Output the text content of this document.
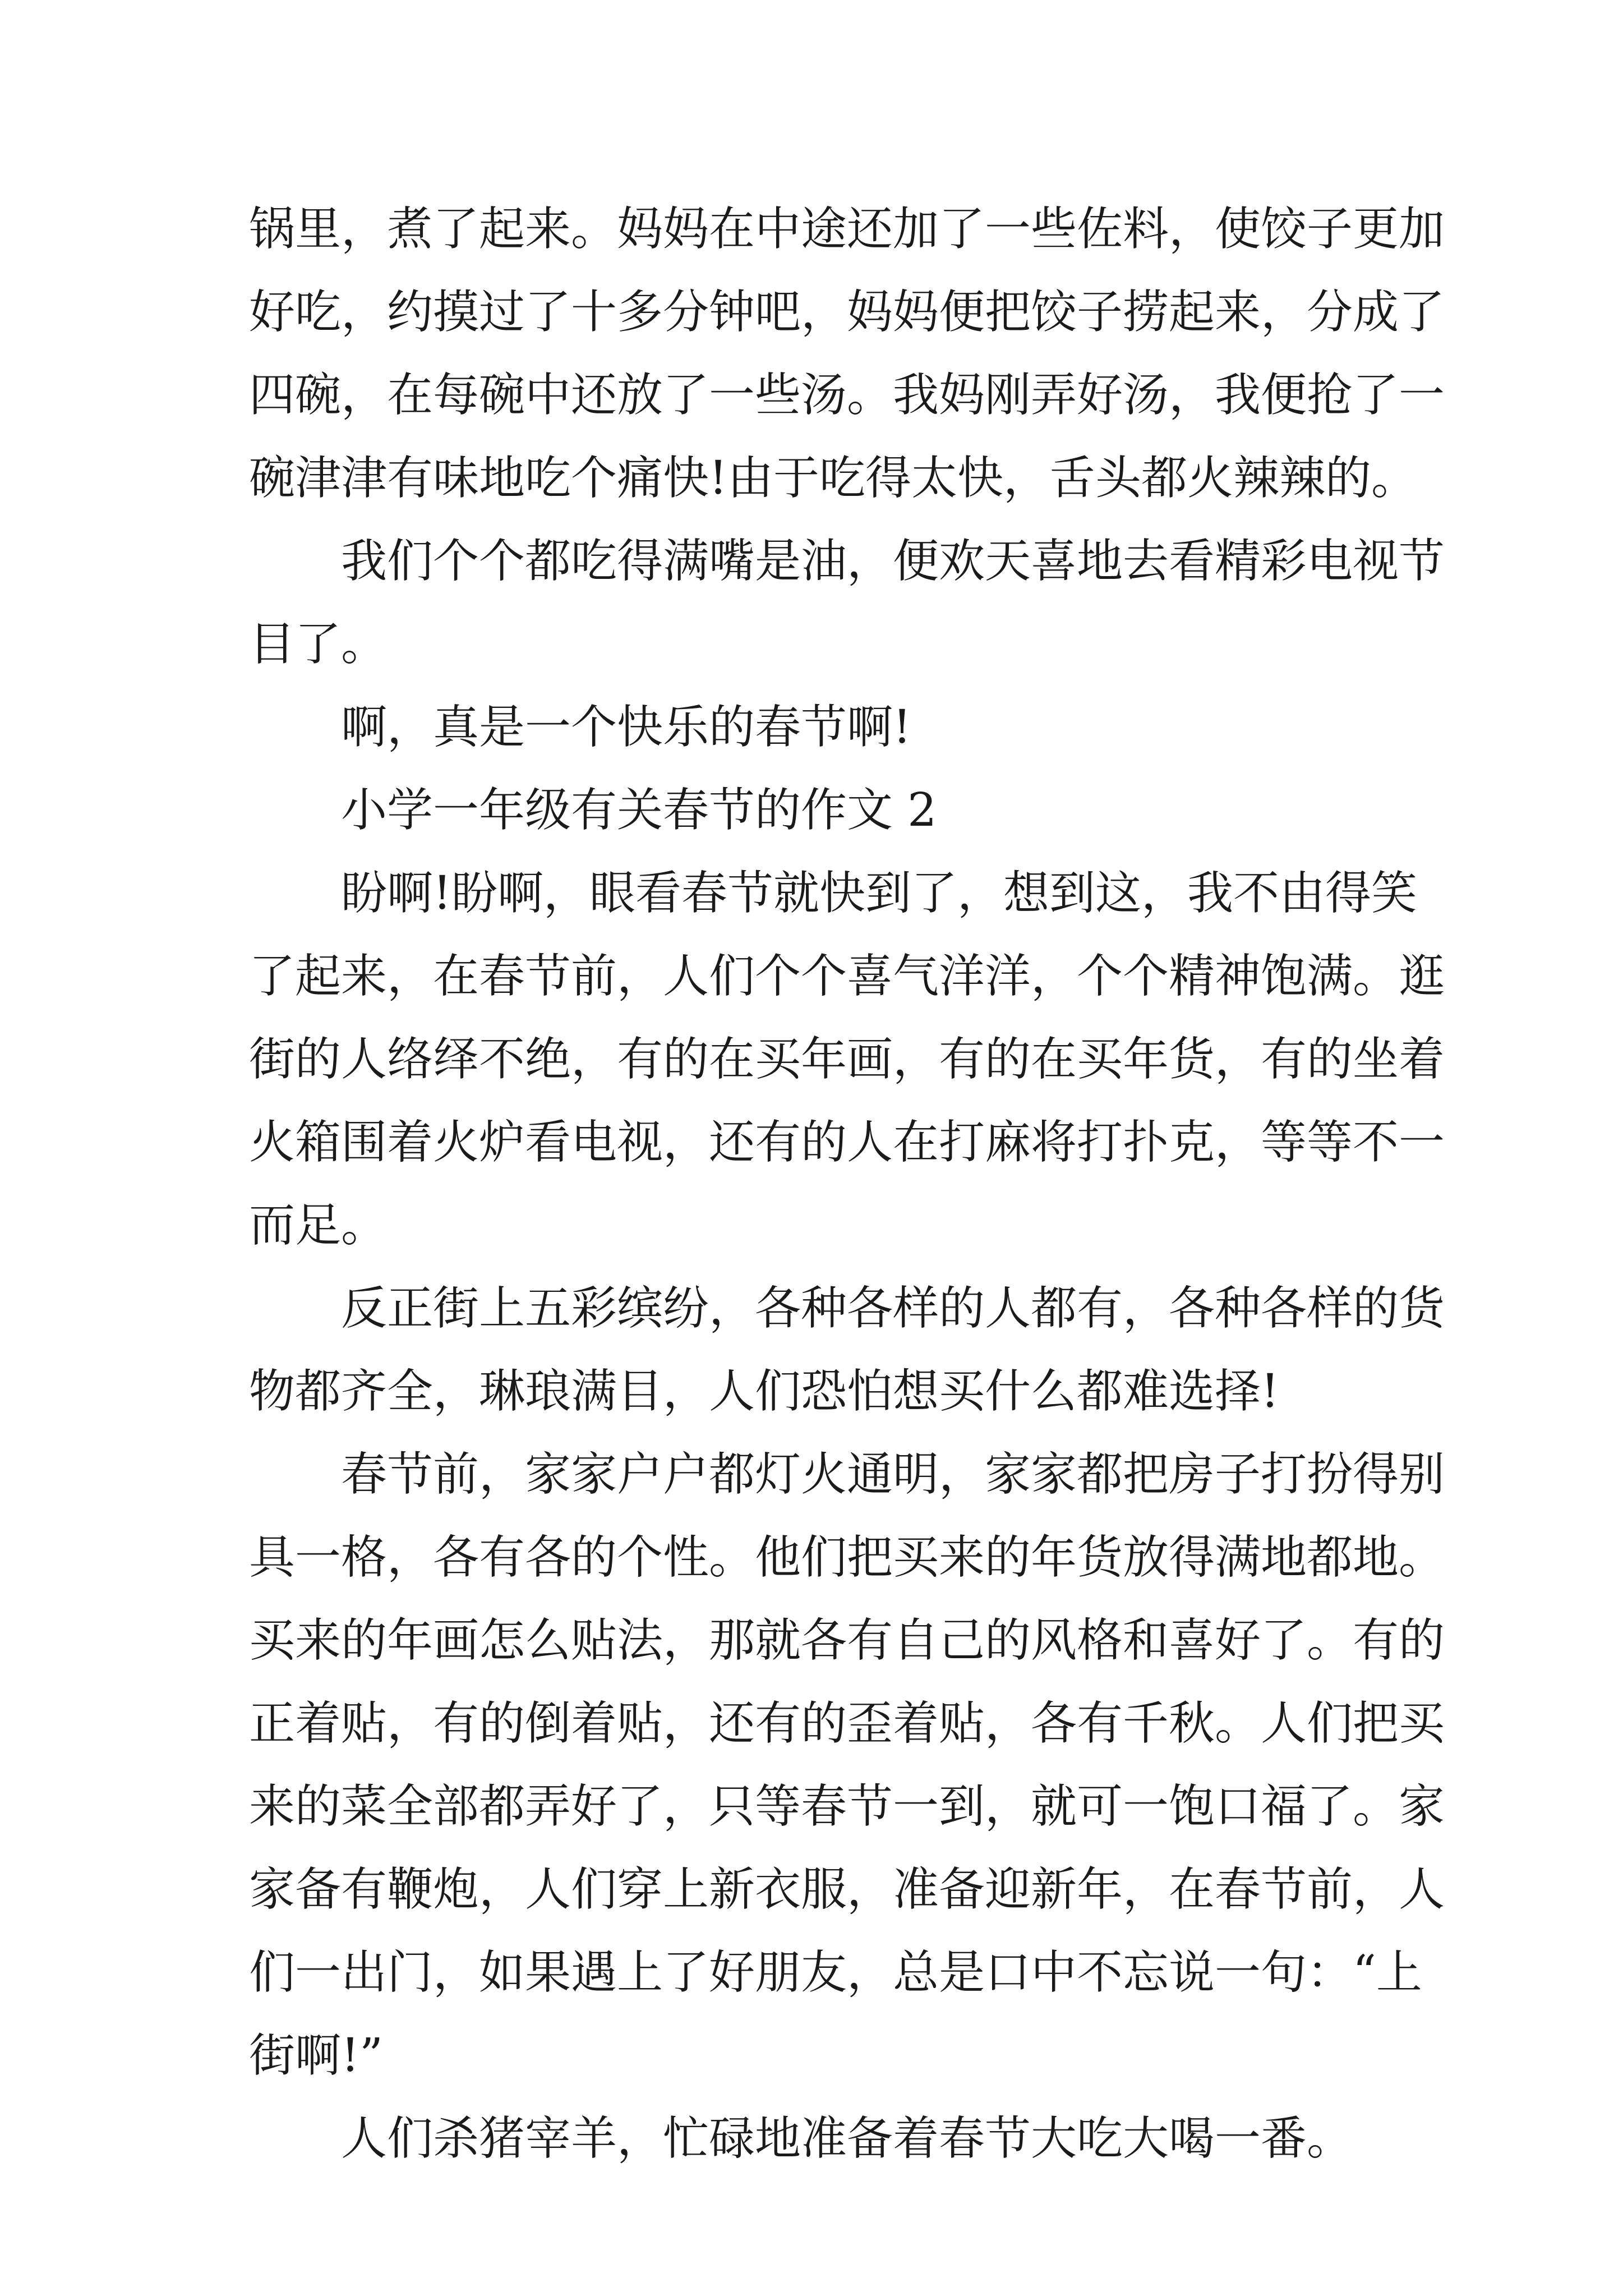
锅里，煮了起来。妈妈在中途还加了一些佐料，使饺子更加
好吃，约摸过了十多分钟吧，妈妈便把饺子捞起来，分成了
四碗，在每碗中还放了一些汤。我妈刚弄好汤，我便抢了一
碗津津有味地吃个痛快!由于吃得太快，舌头都火辣辣的。
我们个个都吃得满嘴是油，便欢天喜地去看精彩电视节
目了。
啊，真是一个快乐的春节啊!
小学一年级有关春节的作文 2
盼啊!盼啊，眼看春节就快到了，想到这，我不由得笑
了起来，在春节前，人们个个喜气洋洋，个个精神饱满。逛
街的人络绎不绝，有的在买年画，有的在买年货，有的坐着
火箱围着火炉看电视，还有的人在打麻将打扑克，等等不一
而足。
反正街上五彩缤纷，各种各样的人都有，各种各样的货
物都齐全，琳琅满目，人们恐怕想买什么都难选择!
春节前，家家户户都灯火通明，家家都把房子打扮得别
具一格，各有各的个性。他们把买来的年货放得满地都地。
买来的年画怎么贴法，那就各有自己的风格和喜好了。有的
正着贴，有的倒着贴，还有的歪着贴，各有千秋。人们把买
来的菜全部都弄好了，只等春节一到，就可一饱口福了。家
家备有鞭炮，人们穿上新衣服，准备迎新年，在春节前，人
们一出门，如果遇上了好朋友，总是口中不忘说一句：“上
街啊!”
人们杀猪宰羊，忙碌地准备着春节大吃大喝一番。
